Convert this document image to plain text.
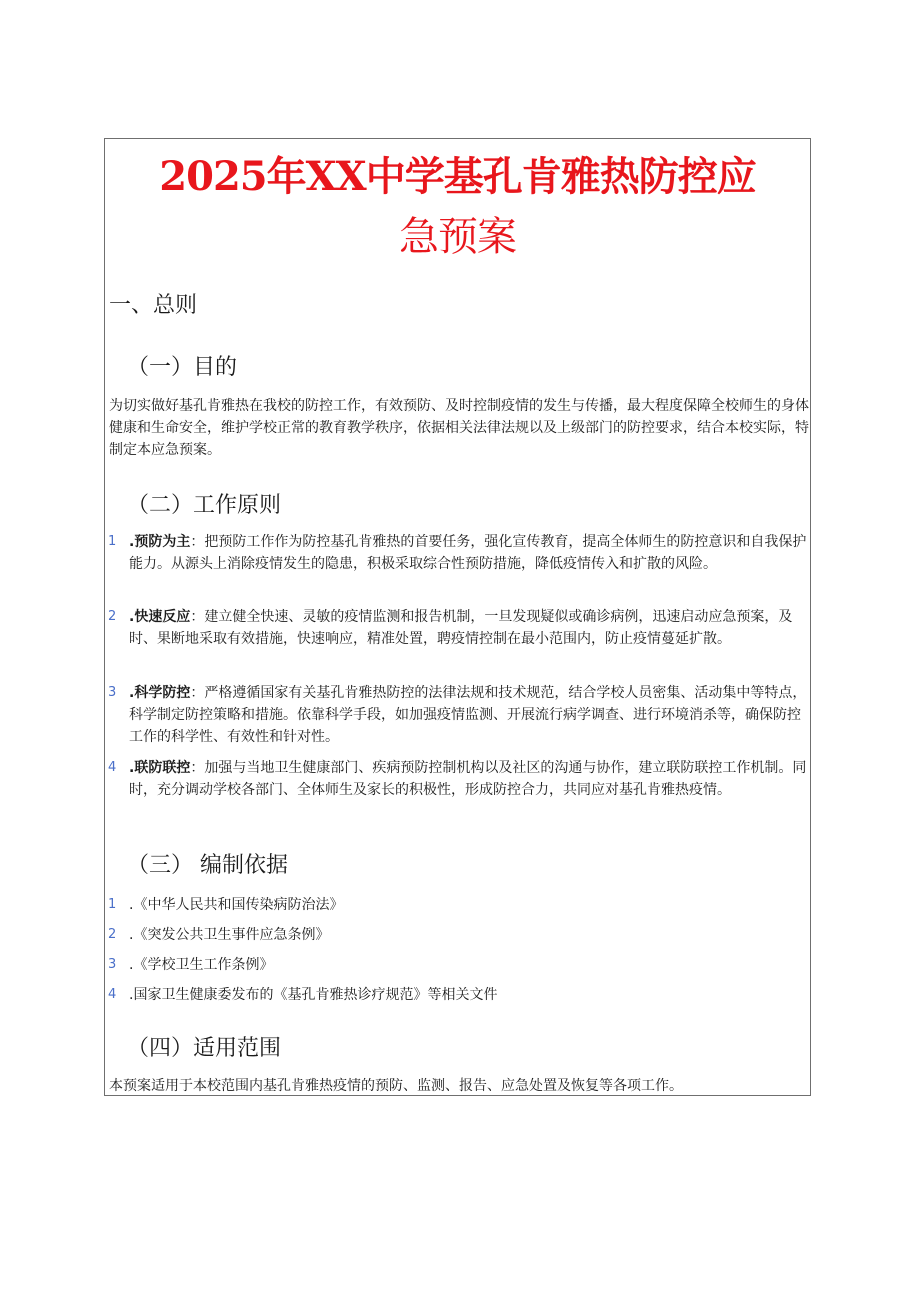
2025年XX中学基孔肯雅热防控应
急预案
一、总则
（一）目的
为切实做好基孔肯雅热在我校的防控工作，有效预防、及时控制疫情的发生与传播，最大程度保障全校师生的身体健康和生命安全，维护学校正常的教育教学秩序，依据相关法律法规以及上级部门的防控要求，结合本校实际，特制定本应急预案。
（二）工作原则
1 .预防为主：把预防工作作为防控基孔肯雅热的首要任务，强化宣传教育，提高全体师生的防控意识和自我保护能力。从源头上消除疫情发生的隐患，积极采取综合性预防措施，降低疫情传入和扩散的风险。
2 .快速反应：建立健全快速、灵敏的疫情监测和报告机制，一旦发现疑似或确诊病例，迅速启动应急预案，及时、果断地采取有效措施，快速响应，精准处置，聘疫情控制在最小范围内，防止疫情蔓延扩散。
3 .科学防控：严格遵循国家有关基孔肯雅热防控的法律法规和技术规范，结合学校人员密集、活动集中等特点，科学制定防控策略和措施。依靠科学手段，如加强疫情监测、开展流行病学调查、进行环境消杀等，确保防控工作的科学性、有效性和针对性。
4 .联防联控：加强与当地卫生健康部门、疾病预防控制机构以及社区的沟通与协作，建立联防联控工作机制。同时，充分调动学校各部门、全体师生及家长的积极性，形成防控合力，共同应对基孔肯雅热疫情。
（三） 编制依据
1 .《中华人民共和国传染病防治法》
2 .《突发公共卫生事件应急条例》
3 .《学校卫生工作条例》
4 .国家卫生健康委发布的《基孔肯雅热诊疗规范》等相关文件
（四）适用范围
本预案适用于本校范围内基孔肯雅热疫情的预防、监测、报告、应急处置及恢复等各项工作。
